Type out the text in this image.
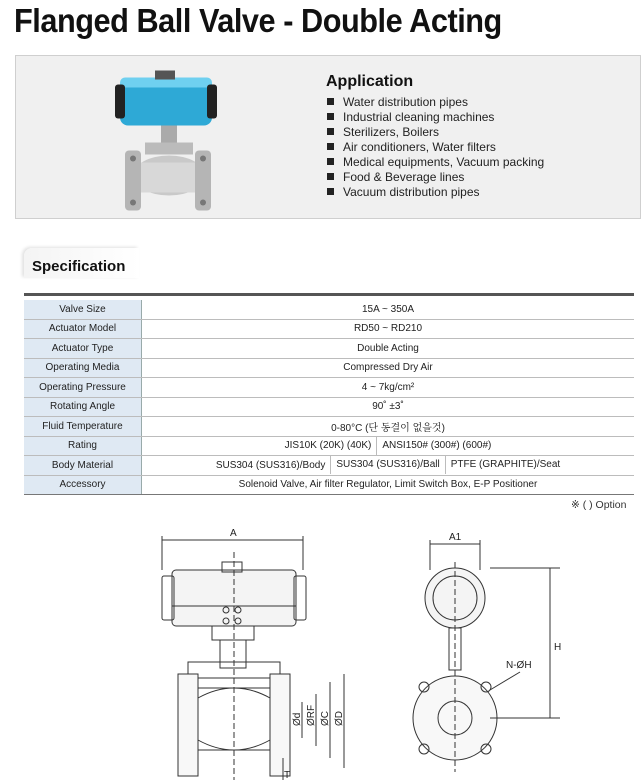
Flanged Ball Valve - Double Acting
Application
Water distribution pipes
Industrial cleaning machines
Sterilizers, Boilers
Air conditioners, Water filters
Medical equipments, Vacuum packing
Food & Beverage lines
Vacuum distribution pipes
Specification
Valve Size	15A ~ 350A
Actuator Model	RD50 ~ RD210
Actuator Type	Double Acting
Operating Media	Compressed Dry Air
Operating Pressure	4 ~ 7kg/cm²
Rotating Angle	90˚ ±3˚
Fluid Temperature	0-80°C (단 동결이 없을것)
Rating	JIS10K (20K) (40K) ANSI150# (300#) (600#)

Body Material	SUS304 (SUS316)/Body SUS304 (SUS316)/Ball PTFE (GRAPHITE)/Seat

Accessory	Solenoid Valve, Air filter Regulator, Limit Switch Box, E-P Positioner
※ ( ) Option
A	A1
H
N-ØH
Ød ØRF ØC ØD
T
